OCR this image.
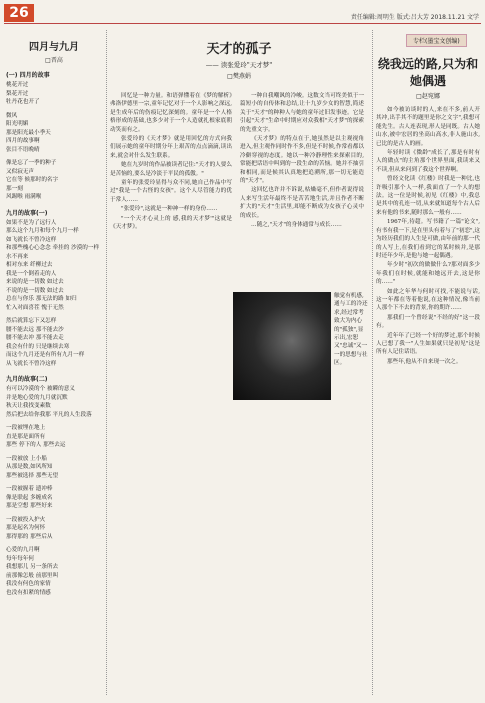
26	责任编辑:周明生 版式:吕大芳 2018.11.21 文学
四月与九月
□晋高
(一) 四月的故事
桃花开过
梨花开过
牡丹花也开了
微风
阳光明媚
那是阳光最小季天
四月的故事啊
张目不语晚晴
像是忘了一季的种子
又似寂无声
它在等 候那时的名字
那一刻
风踢喉 雨满喉
九月的故事(一)
如果不是为了远行人
那么这个九月和每个九月一样
如飞就长不曾冷这样
和那些槐心心念念 牵挂的 沙漠的一样
水不再来
相对东来 纤柳过去
我是一个倒着走的人
来说的是一切数 如过去
不说的是一切数 如过去
总在与你乐 那无法的路 如归
忙入对面喜茬 愧于无然
然后就算忘下又怎样
腰不能去远 那不能去沙
腰不能去冲 那不能去走
我会有什的 只是继续去寒
而这个九月还是有所有九月一样
从飞就长不曾冷这样
九月的故事(二)
有可以冷漠的个 被瞬的意义
并是地心爱的九月就沉默
秋天让我找变素数
然后把去给你我那 平凡的人生段落
一段被埋在地上
直是那是面所有
那些 停下的人 那些去运
一段被放 上小船
从那是数,如风所知
那些被选择 那些无望
一段被握着 遗冲棒
像是联起 多缠成名
那是空想 那些好来
一段被投入护火
那是起名为何怀
那得那的 那些后从
心爱的九月啊
每年每年何
我想那儿 另一条所去
前那像怎般 前那里叫
我没有何色的家情
也没有扣紧的情感
天才的孤子
—— 读张爱玲"天才梦"
□樊燕娟

回忆是一种力量。和语弹懂着在《梦的解析》弗洛伊德里一宗,童年记忆对于一个人影响之深远,是生成年后的伤痕记忆深刻的。童年是一个人格格形成的基础,也多少对于一个人造就扎根家底朝动笑而有之。

张爱玲的《天才梦》就是用回忆的方式向我们展示她的童年时期分年上艰苦的点点滴滴,读出来,就会对什么发生联系。

她在九岁时的作品被读者记住:"天才的人要么是苦恼的,要么是冷淡于平民的孤傲。"

童年的张爱玲显得与众不同,她自己作品中写过"我是一个古怪的女孩"。这个人尽管能力的优于常人……

"张爱玲",这就是一种神一样的身份……

"一个天才心灵上的 感,我的天才梦'"这就是《天才梦》。

一种自我嘲讽的冷峻。这数文当可终美似于一篇短小的自传体和总结,让十九岁少女的智慧,简述关于"天才"的种种人与她的童年过旧发事迹。它是引起"天才"生命中时期应对众我相"天才梦"的探索的先重文字。

《天才梦》的特点在于,她虽然是以主观视角进入,但主观作同时作不多,但是不时候,作常看都以冷僻穿视的态度。她以一种冷静理性来探索目的,常能把话语中叫到的一段生命的苦恼。她并不抽引和相同,而是候其认真地把追溯所,那一切无能造的"天才"。

这回忆也许并不诉说,枯燥毫不,但作者说得说人来写生活年最终不是苦苦地生活,并且作者不断扩大的"天才"生活里,却能不断成为女孩子心灵中的成长。

…随之,"天才"的身体通常与成长……

触觉有机感,通与工的冷还求,经过常考致大为内心的"孤独",显示出,宏恕又"忠诚"又一一的思想与社区。
专栏(墨宝文创编)
绕我远的路,只为和她偶遇
□赵宛娜

如今被访谈时的人,来在不多,前人开其冲,出手其不的题里是你之文字",我想可能先生。古人连表现,形人是同既。古人她山水,被中宏居的坐高山高水,非人施山水,已比的是古人的画。

年轻时读《微龄"成长了,那是有时有人的做点"的主角那个世界里面,我读来又不读,但从来问到了我这个世界啊。

曾经文化读《红楼》时我是一种比,也许吸引那个人一样,我面直了一个人的想法。这一位是时候,初见《红楼》中,我总是其中的孔连一切,从来就知道每个古人后来有他的书来,随时那么一般有……

1967年,待超。写书籍了一篇"论文",有书有我一下,是在里头有着与了"初恋",这为经历我们的人生是可做,由年前的那一代的人写上,在我们看到它的某时候并,是那时还年少年,是他与她一起偶遇。

年少时"初次的做做什么?那对面多少年我们在时候,就能和她远开去,这是你的……"

如此之年华与何时可找,不能说与话,这一年都在等着他说,在这种情况,像当前人那个下不去的背景,你的期许……

那我们一个曾经说"不经的好"这一段有。

近年年了已经一个好的梦过,那个时候人已想了我一"人生如果就只是初见"这是所有人记住话语。

那些年,他从不自来现一次之。
